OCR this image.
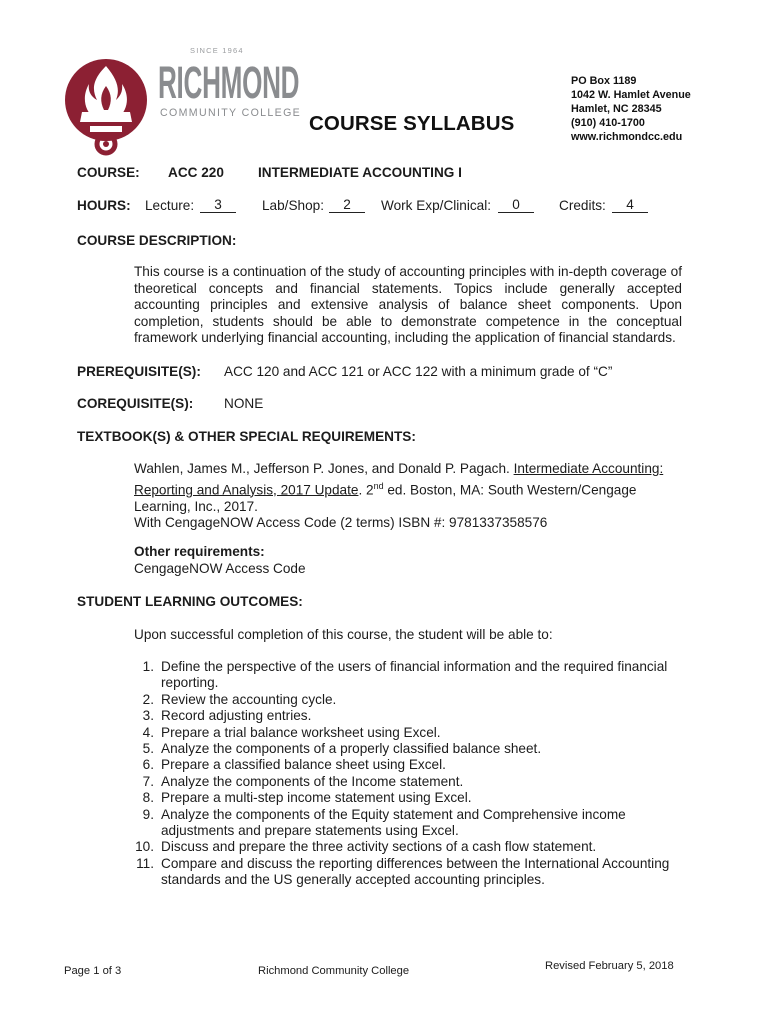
SINCE 1964
RICHMOND
COMMUNITY COLLEGE COURSE SYLLABUS
PO Box 1189
1042 W. Hamlet Avenue
Hamlet, NC 28345
(910) 410-1700
www.richmondcc.edu
COURSE: ACC 220	INTERMEDIATE ACCOUNTING I
HOURS: Lecture:	3	Lab/Shop:	2	Work Exp/Clinical:	0	Credits:	4
COURSE DESCRIPTION:
This course is a continuation of the study of accounting principles with in-depth coverage of theoretical concepts and financial statements. Topics include generally accepted accounting principles and extensive analysis of balance sheet components. Upon completion, students should be able to demonstrate competence in the conceptual framework underlying financial accounting, including the application of financial standards.
PREREQUISITE(S): ACC 120 and ACC 121 or ACC 122 with a minimum grade of “C”
COREQUISITE(S): NONE
TEXTBOOK(S) & OTHER SPECIAL REQUIREMENTS:
Wahlen, James M., Jefferson P. Jones, and Donald P. Pagach. Intermediate Accounting:
Reporting and Analysis, 2017 Update. 2nd ed. Boston, MA: South Western/Cengage
Learning, Inc., 2017.
With CengageNOW Access Code (2 terms) ISBN #: 9781337358576
Other requirements:
CengageNOW Access Code
STUDENT LEARNING OUTCOMES:
Upon successful completion of this course, the student will be able to:
1. Define the perspective of the users of financial information and the required financial reporting.
2. Review the accounting cycle.
3. Record adjusting entries.
4. Prepare a trial balance worksheet using Excel.
5. Analyze the components of a properly classified balance sheet.
6. Prepare a classified balance sheet using Excel.
7. Analyze the components of the Income statement.
8. Prepare a multi-step income statement using Excel.
9. Analyze the components of the Equity statement and Comprehensive income adjustments and prepare statements using Excel.
10. Discuss and prepare the three activity sections of a cash flow statement.
11. Compare and discuss the reporting differences between the International Accounting standards and the US generally accepted accounting principles.
Page 1 of 3	Richmond Community College	Revised February 5, 2018
